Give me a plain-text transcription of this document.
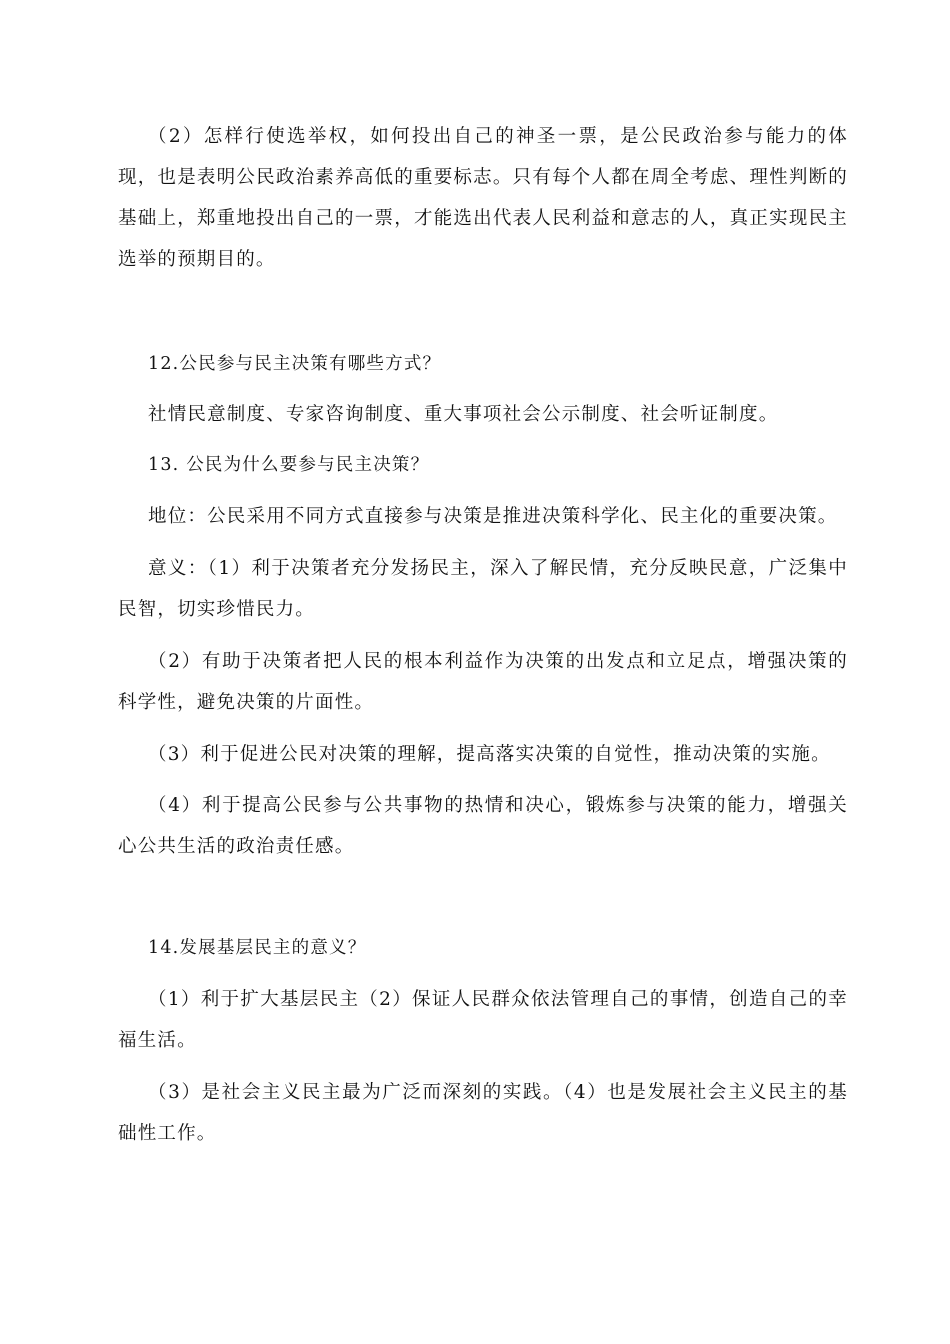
（2）怎样行使选举权，如何投出自己的神圣一票，是公民政治参与能力的体现，也是表明公民政治素养高低的重要标志。只有每个人都在周全考虑、理性判断的基础上，郑重地投出自己的一票，才能选出代表人民利益和意志的人，真正实现民主选举的预期目的。

12.公民参与民主决策有哪些方式？

社情民意制度、专家咨询制度、重大事项社会公示制度、社会听证制度。

13. 公民为什么要参与民主决策？

地位：公民采用不同方式直接参与决策是推进决策科学化、民主化的重要决策。

意义：（1）利于决策者充分发扬民主，深入了解民情，充分反映民意，广泛集中民智，切实珍惜民力。

（2）有助于决策者把人民的根本利益作为决策的出发点和立足点，增强决策的科学性，避免决策的片面性。

（3）利于促进公民对决策的理解，提高落实决策的自觉性，推动决策的实施。

（4）利于提高公民参与公共事物的热情和决心，锻炼参与决策的能力，增强关心公共生活的政治责任感。

14.发展基层民主的意义？

（1）利于扩大基层民主（2）保证人民群众依法管理自己的事情，创造自己的幸福生活。

（3）是社会主义民主最为广泛而深刻的实践。（4）也是发展社会主义民主的基础性工作。
